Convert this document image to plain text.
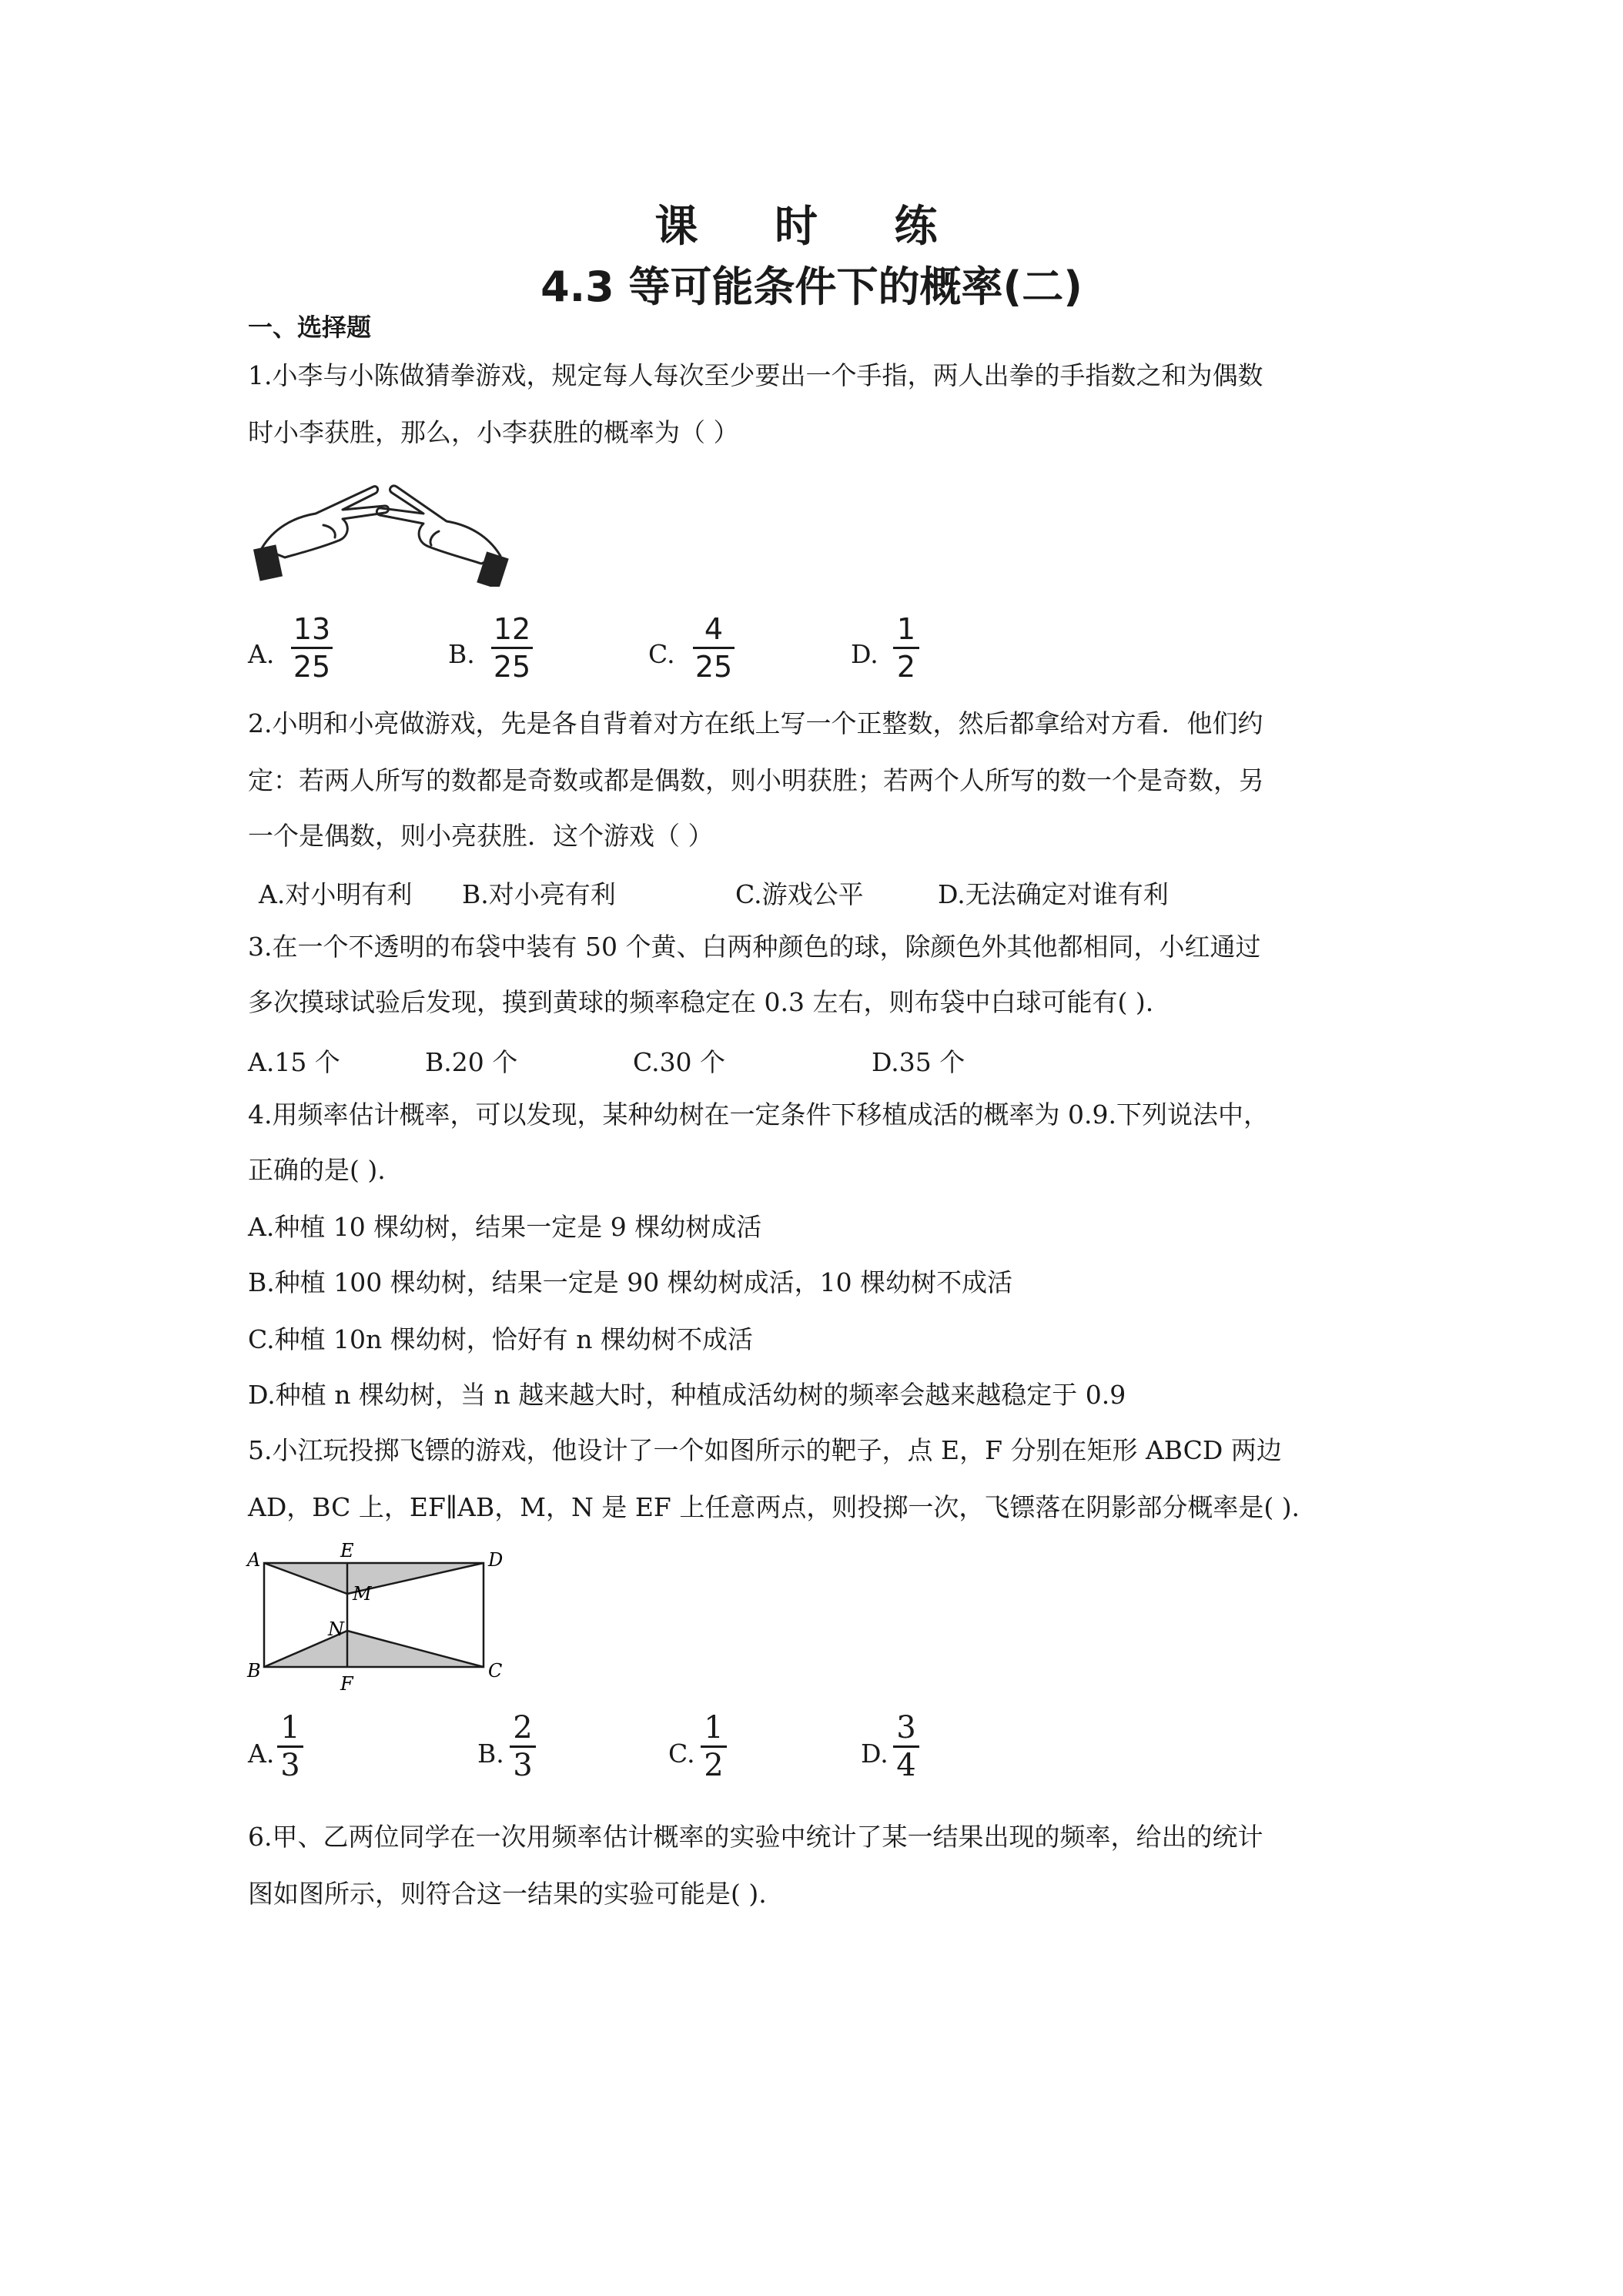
课 时 练
4.3 等可能条件下的概率(二)
一、选择题
1.小李与小陈做猜拳游戏，规定每人每次至少要出一个手指，两人出拳的手指数之和为偶数
时小李获胜，那么，小李获胜的概率为（ ）
A.
13
25	B.
12
25	C.
4
25	D.
1
2
2.小明和小亮做游戏，先是各自背着对方在纸上写一个正整数，然后都拿给对方看．他们约
定：若两人所写的数都是奇数或都是偶数，则小明获胜；若两个人所写的数一个是奇数，另
一个是偶数，则小亮获胜．这个游戏（ ）
A.对小明有利 B.对小亮有利	C.游戏公平	D.无法确定对谁有利
3.在一个不透明的布袋中装有 50 个黄、白两种颜色的球，除颜色外其他都相同，小红通过
多次摸球试验后发现，摸到黄球的频率稳定在 0.3 左右，则布袋中白球可能有( ).
A.15 个	B.20 个	C.30 个	D.35 个
4.用频率估计概率，可以发现，某种幼树在一定条件下移植成活的概率为 0.9.下列说法中，
正确的是( ).
A.种植 10 棵幼树，结果一定是 9 棵幼树成活
B.种植 100 棵幼树，结果一定是 90 棵幼树成活，10 棵幼树不成活
C.种植 10n 棵幼树，恰好有 n 棵幼树不成活
D.种植 n 棵幼树，当 n 越来越大时，种植成活幼树的频率会越来越稳定于 0.9
5.小江玩投掷飞镖的游戏，他设计了一个如图所示的靶子，点 E，F 分别在矩形 ABCD 两边
AD，BC 上，EF∥AB，M，N 是 EF 上任意两点，则投掷一次，飞镖落在阴影部分概率是( ).
A	E	D
M
N
B
F
C
A.
1
3	B.
2
3	C.
1
2	D.
3
4
6.甲、乙两位同学在一次用频率估计概率的实验中统计了某一结果出现的频率，给出的统计
图如图所示，则符合这一结果的实验可能是( ).
